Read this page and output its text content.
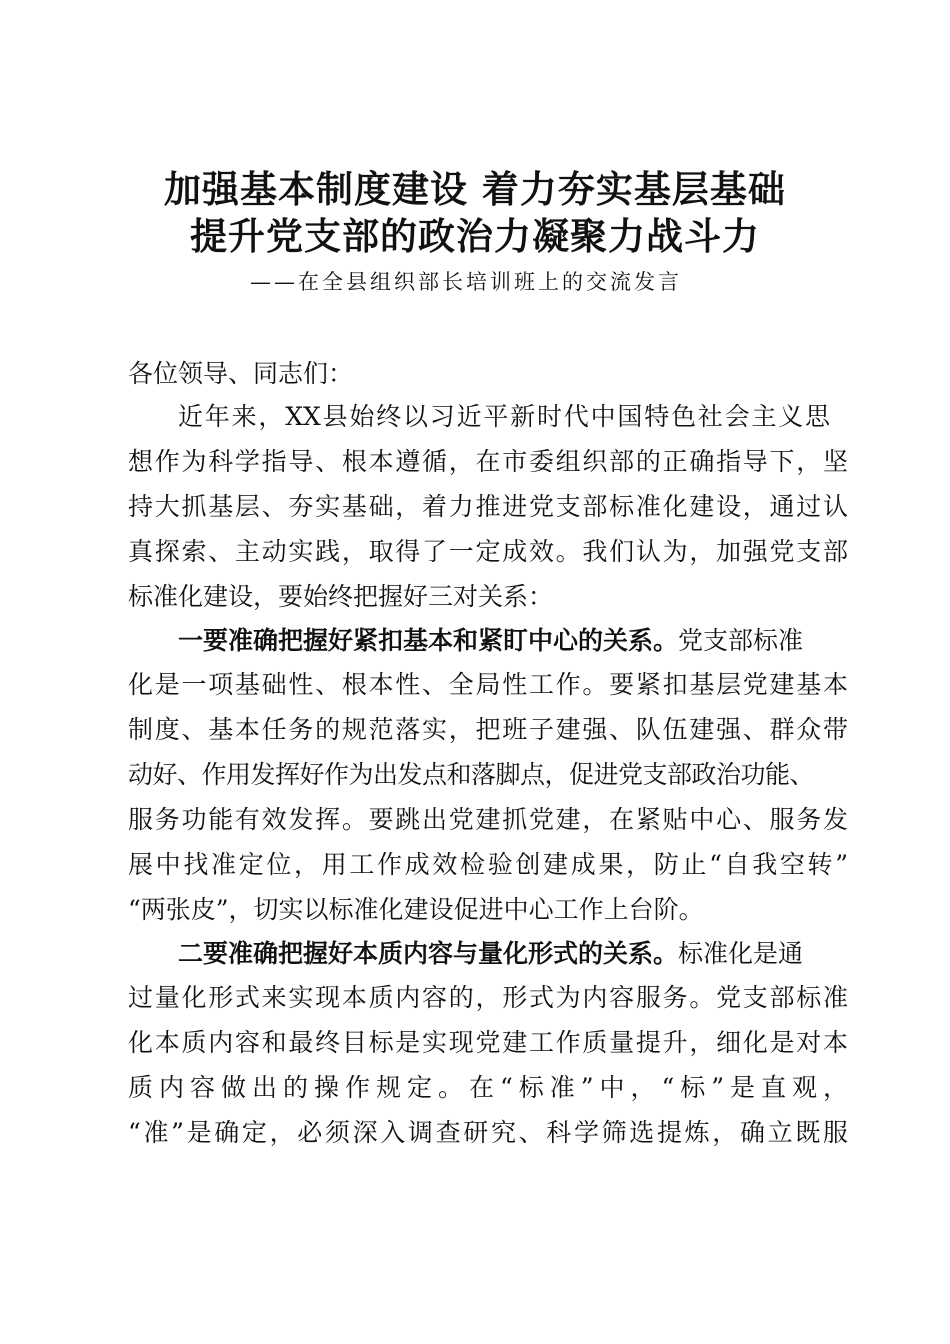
加强基本制度建设 着力夯实基层基础
提升党支部的政治力凝聚力战斗力

——在全县组织部长培训班上的交流发言

各位领导、同志们：

近年来，XX县始终以习近平新时代中国特色社会主义思

想作为科学指导、根本遵循，在市委组织部的正确指导下，坚

持大抓基层、夯实基础，着力推进党支部标准化建设，通过认

真探索、主动实践，取得了一定成效。我们认为，加强党支部

标准化建设，要始终把握好三对关系：

一要准确把握好紧扣基本和紧盯中心的关系。党支部标准

化是一项基础性、根本性、全局性工作。要紧扣基层党建基本

制度、基本任务的规范落实，把班子建强、队伍建强、群众带

动好、作用发挥好作为出发点和落脚点，促进党支部政治功能、

服务功能有效发挥。要跳出党建抓党建，在紧贴中心、服务发

展中找准定位，用工作成效检验创建成果，防止“自我空转”

“两张皮”，切实以标准化建设促进中心工作上台阶。

二要准确把握好本质内容与量化形式的关系。标准化是通

过量化形式来实现本质内容的，形式为内容服务。党支部标准

化本质内容和最终目标是实现党建工作质量提升，细化是对本

质内容做出的操作规定。在“标准”中，“标”是直观，

“准”是确定，必须深入调查研究、科学筛选提炼，确立既服
